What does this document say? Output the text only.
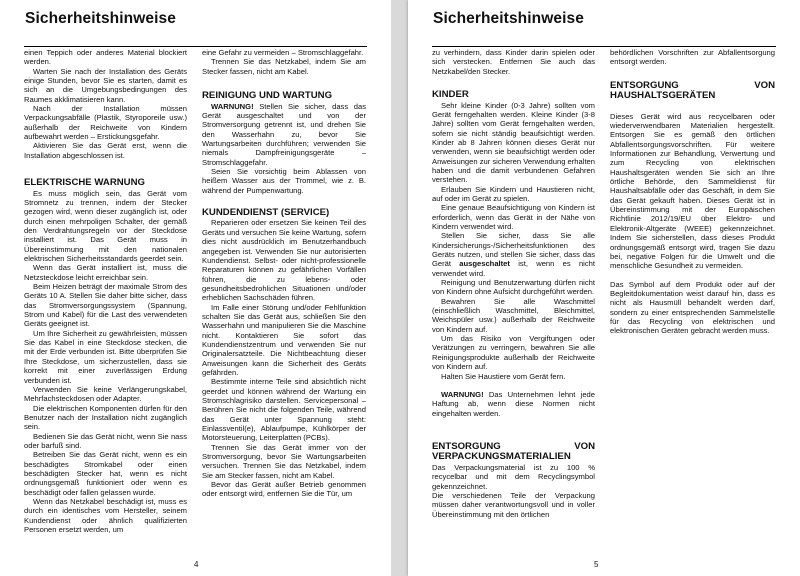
Sicherheitshinweise

einen Teppich oder anderes Material blockiert werden.

Warten Sie nach der Installation des Geräts einige Stunden, bevor Sie es starten, damit es sich an die Umgebungsbedingungen des Raumes akklimatisieren kann.

Nach der Installation müssen Verpackungsabfälle (Plastik, Styroporeile usw.) außerhalb der Reichweite von Kindern aufbewahrt werden – Erstickungsgefahr.

Aktivieren Sie das Gerät erst, wenn die Installation abgeschlossen ist.

ELEKTRISCHE WARNUNG

Es muss möglich sein, das Gerät vom Stromnetz zu trennen, indem der Stecker gezogen wird, wenn dieser zugänglich ist, oder durch einen mehrpoligen Schalter, der gemäß den Verdrahtungsregeln vor der Steckdose installiert ist. Das Gerät muss in Übereinstimmung mit den nationalen elektrischen Sicherheitsstandards geerdet sein.

Wenn das Gerät installiert ist, muss die Netzsteckdose leicht erreichbar sein.

Beim Heizen beträgt der maximale Strom des Geräts 10 A. Stellen Sie daher bitte sicher, dass das Stromversorgungssystem (Spannung, Strom und Kabel) für die Last des verwendeten Geräts geeignet ist.

Um Ihre Sicherheit zu gewährleisten, müssen Sie das Kabel in eine Steckdose stecken, die mit der Erde verbunden ist. Bitte überprüfen Sie Ihre Steckdose, um sicherzustellen, dass sie korrekt mit einer zuverlässigen Erdung verbunden ist.

Verwenden Sie keine Verlängerungskabel, Mehrfachsteckdosen oder Adapter.

Die elektrischen Komponenten dürfen für den Benutzer nach der Installation nicht zugänglich sein.

Bedienen Sie das Gerät nicht, wenn Sie nass oder barfuß sind.

Betreiben Sie das Gerät nicht, wenn es ein beschädigtes Stromkabel oder einen beschädigten Stecker hat, wenn es nicht ordnungsgemäß funktioniert oder wenn es beschädigt oder fallen gelassen wurde.

Wenn das Netzkabel beschädigt ist, muss es durch ein identisches vom Hersteller, seinem Kundendienst oder ähnlich qualifizierten Personen ersetzt werden, um

eine Gefahr zu vermeiden – Stromschlaggefahr.

Trennen Sie das Netzkabel, indem Sie am Stecker fassen, nicht am Kabel.

REINIGUNG UND WARTUNG

WARNUNG! Stellen Sie sicher, dass das Gerät ausgeschaltet und von der Stromversorgung getrennt ist, und drehen Sie den Wasserhahn zu, bevor Sie Wartungsarbeiten durchführen; verwenden Sie niemals Dampfreinigungsgeräte – Stromschlaggefahr.

Seien Sie vorsichtig beim Ablassen von heißem Wasser aus der Trommel, wie z. B. während der Pumpenwartung.

KUNDENDIENST (SERVICE)

Reparieren oder ersetzen Sie keinen Teil des Geräts und versuchen Sie keine Wartung, sofern dies nicht ausdrücklich im Benutzerhandbuch angegeben ist. Verwenden Sie nur autorisierten Kundendienst. Selbst- oder nicht-professionelle Reparaturen können zu gefährlichen Vorfällen führen, die zu lebens- oder gesundheitsbedrohlichen Situationen und/oder erheblichen Sachschäden führen.

Im Falle einer Störung und/oder Fehlfunktion schalten Sie das Gerät aus, schließen Sie den Wasserhahn und manipulieren Sie die Maschine nicht. Kontaktieren Sie sofort das Kundendienstzentrum und verwenden Sie nur Originalersatzteile. Die Nichtbeachtung dieser Anweisungen kann die Sicherheit des Geräts gefährden.

Bestimmte interne Teile sind absichtlich nicht geerdet und können während der Wartung ein Stromschlagrisiko darstellen. Servicepersonal – Berühren Sie nicht die folgenden Teile, während das Gerät unter Spannung steht: Einlassventil(e), Ablaufpumpe, Kühlkörper der Motorsteuerung, Leiterplatten (PCBs).

Trennen Sie das Gerät immer von der Stromversorgung, bevor Sie Wartungsarbeiten versuchen. Trennen Sie das Netzkabel, indem Sie am Stecker fassen, nicht am Kabel.

Bevor das Gerät außer Betrieb genommen oder entsorgt wird, entfernen Sie die Tür, um

4
Sicherheitshinweise

zu verhindern, dass Kinder darin spielen oder sich verstecken. Entfernen Sie auch das Netzkabel/den Stecker.

KINDER

Sehr kleine Kinder (0-3 Jahre) sollten vom Gerät ferngehalten werden. Kleine Kinder (3-8 Jahre) sollten vom Gerät ferngehalten werden, sofern sie nicht ständig beaufsichtigt werden. Kinder ab 8 Jahren können dieses Gerät nur verwenden, wenn sie beaufsichtigt werden oder Anweisungen zur sicheren Verwendung erhalten haben und die damit verbundenen Gefahren verstehen.

Erlauben Sie Kindern und Haustieren nicht, auf oder im Gerät zu spielen.

Eine genaue Beaufsichtigung von Kindern ist erforderlich, wenn das Gerät in der Nähe von Kindern verwendet wird.

Stellen Sie sicher, dass Sie alle Kindersicherungs-/Sicherheitsfunktionen des Geräts nutzen, und stellen Sie sicher, dass das Gerät ausgeschaltet ist, wenn es nicht verwendet wird.

Reinigung und Benutzerwartung dürfen nicht von Kindern ohne Aufsicht durchgeführt werden.

Bewahren Sie alle Waschmittel (einschließlich Waschmittel, Bleichmittel, Weichspüler usw.) außerhalb der Reichweite von Kindern auf.

Um das Risiko von Vergiftungen oder Verätzungen zu verringern, bewahren Sie alle Reinigungsprodukte außerhalb der Reichweite von Kindern auf.

Halten Sie Haustiere vom Gerät fern.

WARNUNG! Das Unternehmen lehnt jede Haftung ab, wenn diese Normen nicht eingehalten werden.

ENTSORGUNG VON
VERPACKUNGSMATERIALIEN

Das Verpackungsmaterial ist zu 100 % recycelbar und mit dem Recyclingsymbol gekennzeichnet.

Die verschiedenen Teile der Verpackung müssen daher verantwortungsvoll und in voller Übereinstimmung mit den örtlichen

behördlichen Vorschriften zur Abfallentsorgung entsorgt werden.

ENTSORGUNG VON
HAUSHALTSGERÄTEN

Dieses Gerät wird aus recycelbaren oder wiederverwendbaren Materialien hergestellt. Entsorgen Sie es gemäß den örtlichen Abfallentsorgungsvorschriften. Für weitere Informationen zur Behandlung, Verwertung und zum Recycling von elektrischen Haushaltsgeräten wenden Sie sich an Ihre örtliche Behörde, den Sammeldienst für Haushaltsabfälle oder das Geschäft, in dem Sie das Gerät gekauft haben. Dieses Gerät ist in Übereinstimmung mit der Europäischen Richtlinie 2012/19/EU über Elektro- und Elektronik-Altgeräte (WEEE) gekennzeichnet. Indem Sie sicherstellen, dass dieses Produkt ordnungsgemäß entsorgt wird, tragen Sie dazu bei, negative Folgen für die Umwelt und die menschliche Gesundheit zu vermeiden.

Das Symbol auf dem Produkt oder auf der Begleitdokumentation weist darauf hin, dass es nicht als Hausmüll behandelt werden darf, sondern zu einer entsprechenden Sammelstelle für das Recycling von elektrischen und elektronischen Geräten gebracht werden muss.

5
